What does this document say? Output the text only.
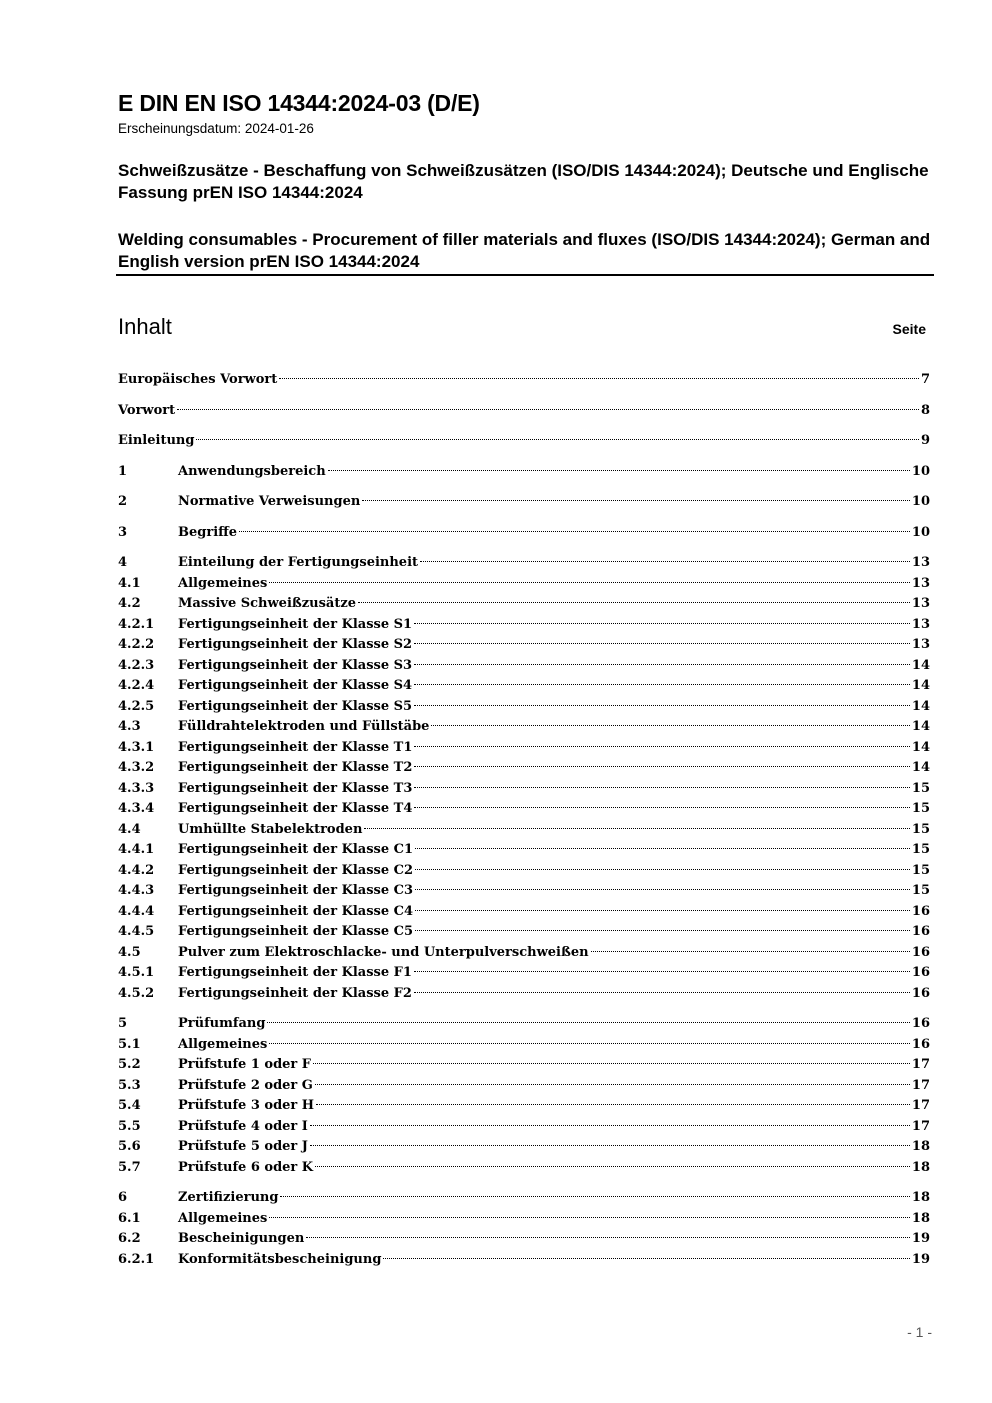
E DIN EN ISO 14344:2024-03 (D/E)
Erscheinungsdatum: 2024-01-26
Schweißzusätze - Beschaffung von Schweißzusätzen (ISO/DIS 14344:2024); Deutsche und Englische Fassung prEN ISO 14344:2024
Welding consumables - Procurement of filler materials and fluxes (ISO/DIS 14344:2024); German and English version prEN ISO 14344:2024
Inhalt	Seite
Europäisches Vorwort	7
Vorwort	8
Einleitung	9
1	Anwendungsbereich	10
2	Normative Verweisungen	10
3	Begriffe	10
4	Einteilung der Fertigungseinheit	13
4.1	Allgemeines	13
4.2	Massive Schweißzusätze	13
4.2.1	Fertigungseinheit der Klasse S1	13
4.2.2	Fertigungseinheit der Klasse S2	13
4.2.3	Fertigungseinheit der Klasse S3	14
4.2.4	Fertigungseinheit der Klasse S4	14
4.2.5	Fertigungseinheit der Klasse S5	14
4.3	Fülldrahtelektroden und Füllstäbe	14
4.3.1	Fertigungseinheit der Klasse T1	14
4.3.2	Fertigungseinheit der Klasse T2	14
4.3.3	Fertigungseinheit der Klasse T3	15
4.3.4	Fertigungseinheit der Klasse T4	15
4.4	Umhüllte Stabelektroden	15
4.4.1	Fertigungseinheit der Klasse C1	15
4.4.2	Fertigungseinheit der Klasse C2	15
4.4.3	Fertigungseinheit der Klasse C3	15
4.4.4	Fertigungseinheit der Klasse C4	16
4.4.5	Fertigungseinheit der Klasse C5	16
4.5	Pulver zum Elektroschlacke- und Unterpulverschweißen	16
4.5.1	Fertigungseinheit der Klasse F1	16
4.5.2	Fertigungseinheit der Klasse F2	16
5	Prüfumfang	16
5.1	Allgemeines	16
5.2	Prüfstufe 1 oder F	17
5.3	Prüfstufe 2 oder G	17
5.4	Prüfstufe 3 oder H	17
5.5	Prüfstufe 4 oder I	17
5.6	Prüfstufe 5 oder J	18
5.7	Prüfstufe 6 oder K	18
6	Zertifizierung	18
6.1	Allgemeines	18
6.2	Bescheinigungen	19
6.2.1	Konformitätsbescheinigung	19
- 1 -
